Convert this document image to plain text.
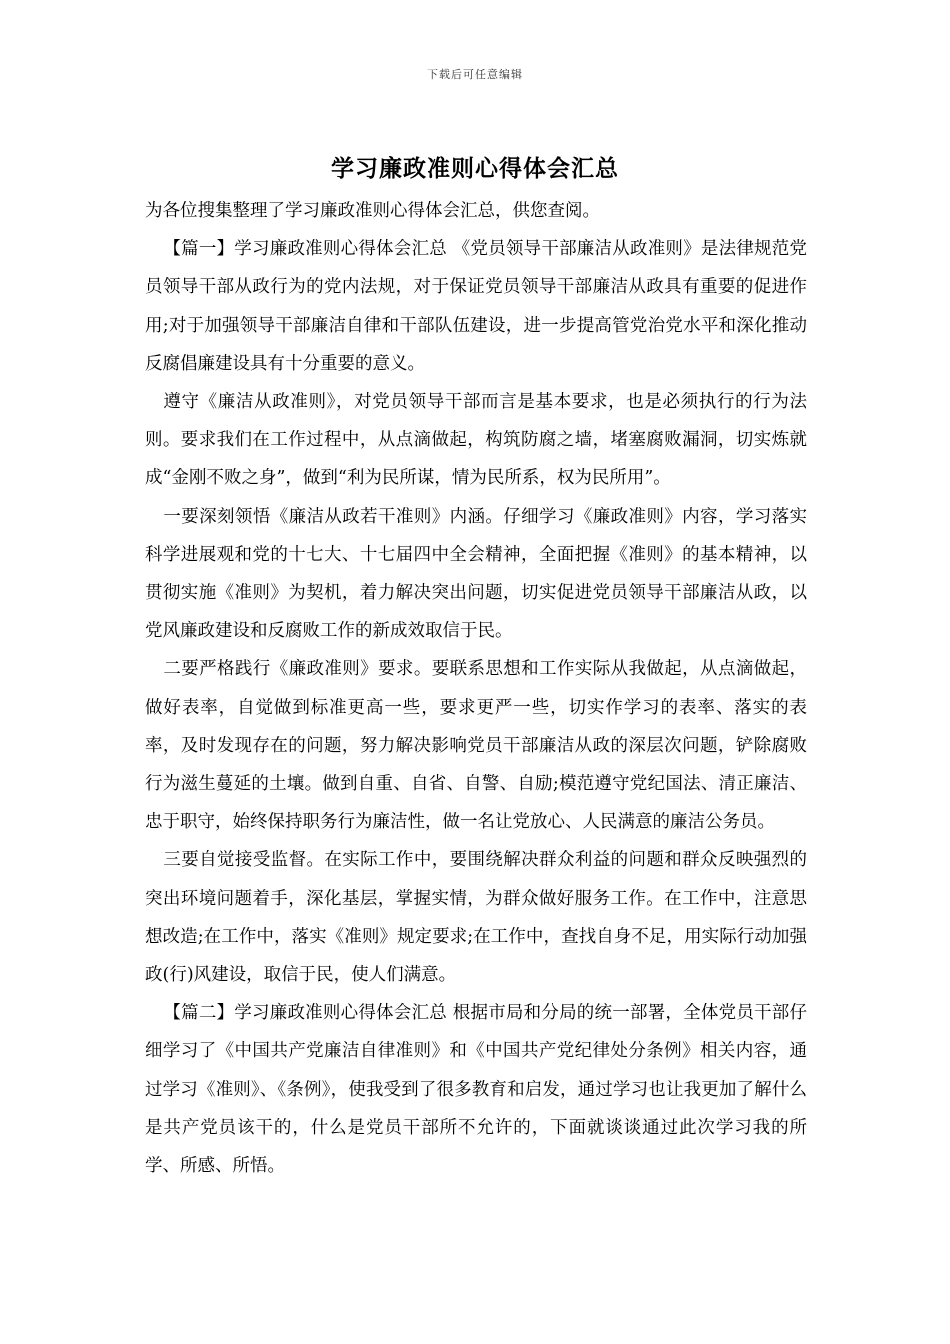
下载后可任意编辑
学习廉政准则心得体会汇总

为各位搜集整理了学习廉政准则心得体会汇总，供您查阅。

【篇一】学习廉政准则心得体会汇总 《党员领导干部廉洁从政准则》是法律规范党员领导干部从政行为的党内法规，对于保证党员领导干部廉洁从政具有重要的促进作用;对于加强领导干部廉洁自律和干部队伍建设，进一步提高管党治党水平和深化推动反腐倡廉建设具有十分重要的意义。

遵守《廉洁从政准则》，对党员领导干部而言是基本要求，也是必须执行的行为法则。要求我们在工作过程中，从点滴做起，构筑防腐之墙，堵塞腐败漏洞，切实炼就成“金刚不败之身”，做到“利为民所谋，情为民所系，权为民所用”。

一要深刻领悟《廉洁从政若干准则》内涵。仔细学习《廉政准则》内容，学习落实科学进展观和党的十七大、十七届四中全会精神，全面把握《准则》的基本精神，以贯彻实施《准则》为契机，着力解决突出问题，切实促进党员领导干部廉洁从政，以党风廉政建设和反腐败工作的新成效取信于民。

二要严格践行《廉政准则》要求。要联系思想和工作实际从我做起，从点滴做起，做好表率，自觉做到标准更高一些，要求更严一些，切实作学习的表率、落实的表率，及时发现存在的问题，努力解决影响党员干部廉洁从政的深层次问题，铲除腐败行为滋生蔓延的土壤。做到自重、自省、自警、自励;模范遵守党纪国法、清正廉洁、忠于职守，始终保持职务行为廉洁性，做一名让党放心、人民满意的廉洁公务员。

三要自觉接受监督。在实际工作中，要围绕解决群众利益的问题和群众反映强烈的突出环境问题着手，深化基层，掌握实情，为群众做好服务工作。在工作中，注意思想改造;在工作中，落实《准则》规定要求;在工作中，查找自身不足，用实际行动加强政(行)风建设，取信于民，使人们满意。

【篇二】学习廉政准则心得体会汇总 根据市局和分局的统一部署，全体党员干部仔细学习了《中国共产党廉洁自律准则》和《中国共产党纪律处分条例》相关内容，通过学习《准则》、《条例》，使我受到了很多教育和启发，通过学习也让我更加了解什么是共产党员该干的，什么是党员干部所不允许的，下面就谈谈通过此次学习我的所学、所感、所悟。
